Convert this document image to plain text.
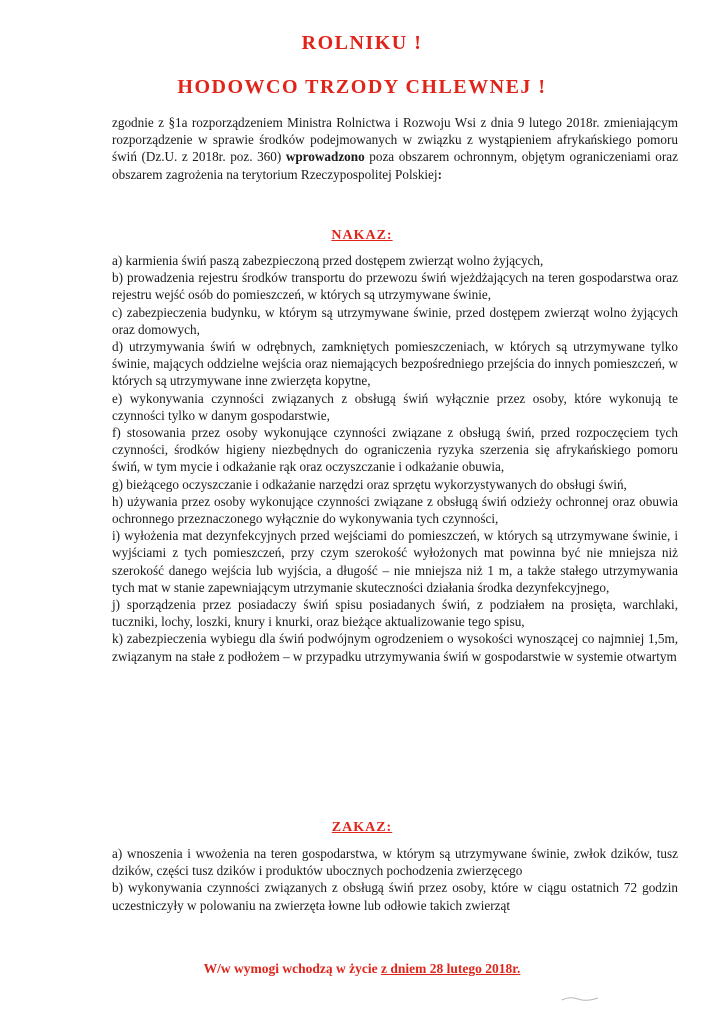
ROLNIKU !
HODOWCO TRZODY CHLEWNEJ !
zgodnie z §1a rozporządzeniem Ministra Rolnictwa i Rozwoju Wsi z dnia 9 lutego 2018r. zmieniającym rozporządzenie w sprawie środków podejmowanych w związku z wystąpieniem afrykańskiego pomoru świń (Dz.U. z 2018r. poz. 360) wprowadzono poza obszarem ochronnym, objętym ograniczeniami oraz obszarem zagrożenia na terytorium Rzeczypospolitej Polskiej:
NAKAZ:
a) karmienia świń paszą zabezpieczoną przed dostępem zwierząt wolno żyjących,
b) prowadzenia rejestru środków transportu do przewozu świń wjeżdżających na teren gospodarstwa oraz rejestru wejść osób do pomieszczeń, w których są utrzymywane świnie,
c) zabezpieczenia budynku, w którym są utrzymywane świnie, przed dostępem zwierząt wolno żyjących oraz domowych,
d) utrzymywania świń w odrębnych, zamkniętych pomieszczeniach, w których są utrzymywane tylko świnie, mających oddzielne wejścia oraz niemających bezpośredniego przejścia do innych pomieszczeń, w których są utrzymywane inne zwierzęta kopytne,
e) wykonywania czynności związanych z obsługą świń wyłącznie przez osoby, które wykonują te czynności tylko w danym gospodarstwie,
f) stosowania przez osoby wykonujące czynności związane z obsługą świń, przed rozpoczęciem tych czynności, środków higieny niezbędnych do ograniczenia ryzyka szerzenia się afrykańskiego pomoru świń, w tym mycie i odkażanie rąk oraz oczyszczanie i odkażanie obuwia,
g) bieżącego oczyszczanie i odkażanie narzędzi oraz sprzętu wykorzystywanych do obsługi świń,
h) używania przez osoby wykonujące czynności związane z obsługą świń odzieży ochronnej oraz obuwia ochronnego przeznaczonego wyłącznie do wykonywania tych czynności,
i) wyłożenia mat dezynfekcyjnych przed wejściami do pomieszczeń, w których są utrzymywane świnie, i wyjściami z tych pomieszczeń, przy czym szerokość wyłożonych mat powinna być nie mniejsza niż szerokość danego wejścia lub wyjścia, a długość – nie mniejsza niż 1 m, a także stałego utrzymywania tych mat w stanie zapewniającym utrzymanie skuteczności działania środka dezynfekcyjnego,
j) sporządzenia przez posiadaczy świń spisu posiadanych świń, z podziałem na prosięta, warchlaki, tuczniki, lochy, loszki, knury i knurki, oraz bieżące aktualizowanie tego spisu,
k) zabezpieczenia wybiegu dla świń podwójnym ogrodzeniem o wysokości wynoszącej co najmniej 1,5m, związanym na stałe z podłożem – w przypadku utrzymywania świń w gospodarstwie w systemie otwartym
ZAKAZ:
a) wnoszenia i wwożenia na teren gospodarstwa, w którym są utrzymywane świnie, zwłok dzików, tusz dzików, części tusz dzików i produktów ubocznych pochodzenia zwierzęcego
b) wykonywania czynności związanych z obsługą świń przez osoby, które w ciągu ostatnich 72 godzin uczestniczyły w polowaniu na zwierzęta łowne lub odłowie takich zwierząt
W/w wymogi wchodzą w życie z dniem 28 lutego 2018r.
